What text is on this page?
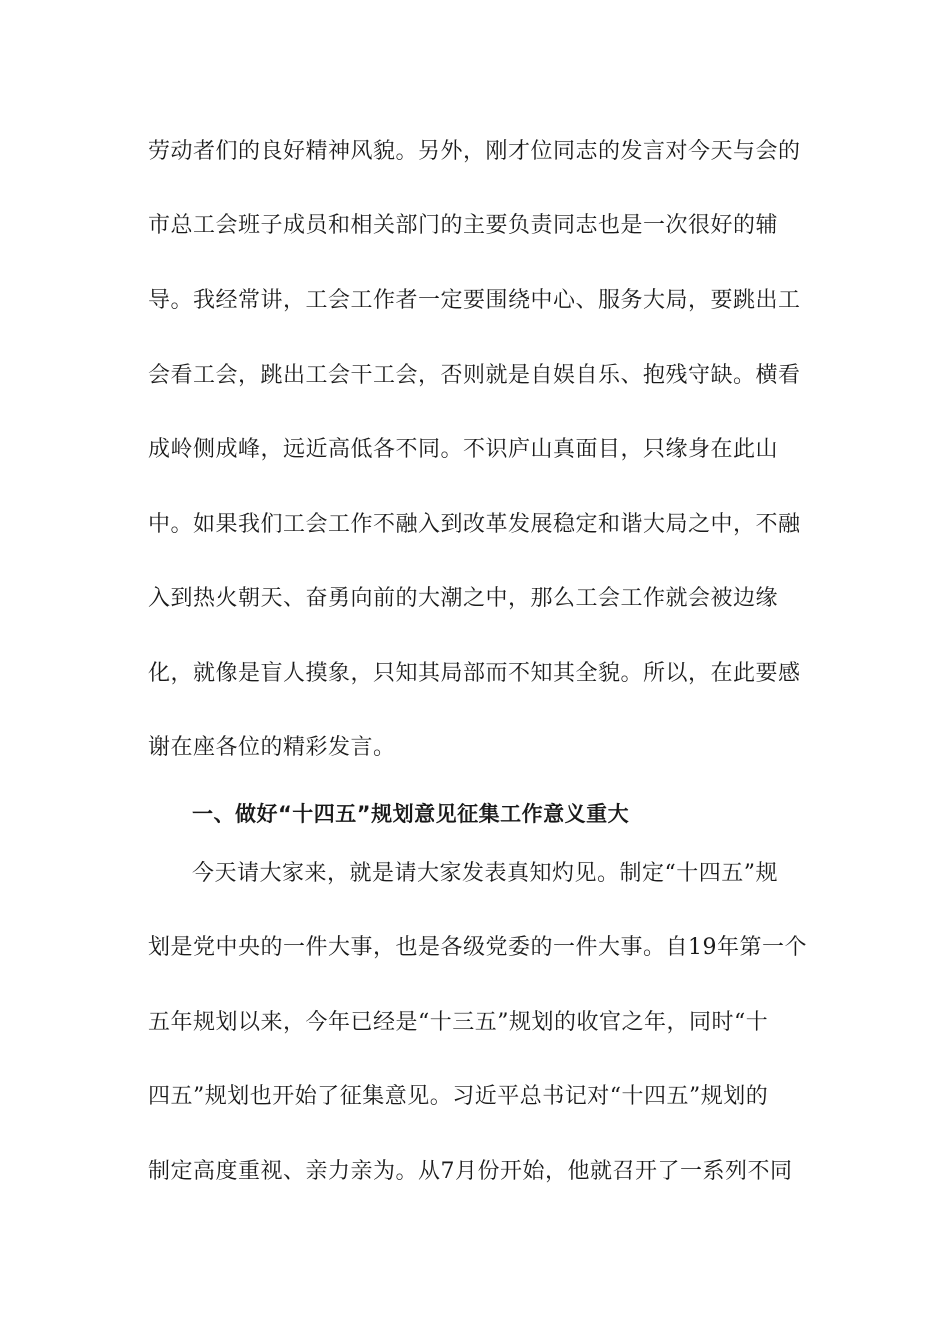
劳动者们的良好精神风貌。另外，刚才位同志的发言对今天与会的
市总工会班子成员和相关部门的主要负责同志也是一次很好的辅
导。我经常讲，工会工作者一定要围绕中心、服务大局，要跳出工
会看工会，跳出工会干工会，否则就是自娱自乐、抱残守缺。横看
成岭侧成峰，远近高低各不同。不识庐山真面目，只缘身在此山
中。如果我们工会工作不融入到改革发展稳定和谐大局之中，不融
入到热火朝天、奋勇向前的大潮之中，那么工会工作就会被边缘
化，就像是盲人摸象，只知其局部而不知其全貌。所以，在此要感
谢在座各位的精彩发言。
一、做好“十四五”规划意见征集工作意义重大
今天请大家来，就是请大家发表真知灼见。制定“十四五”规
划是党中央的一件大事，也是各级党委的一件大事。自19年第一个
五年规划以来，今年已经是“十三五”规划的收官之年，同时“十
四五”规划也开始了征集意见。习近平总书记对“十四五”规划的
制定高度重视、亲力亲为。从7月份开始，他就召开了一系列不同
